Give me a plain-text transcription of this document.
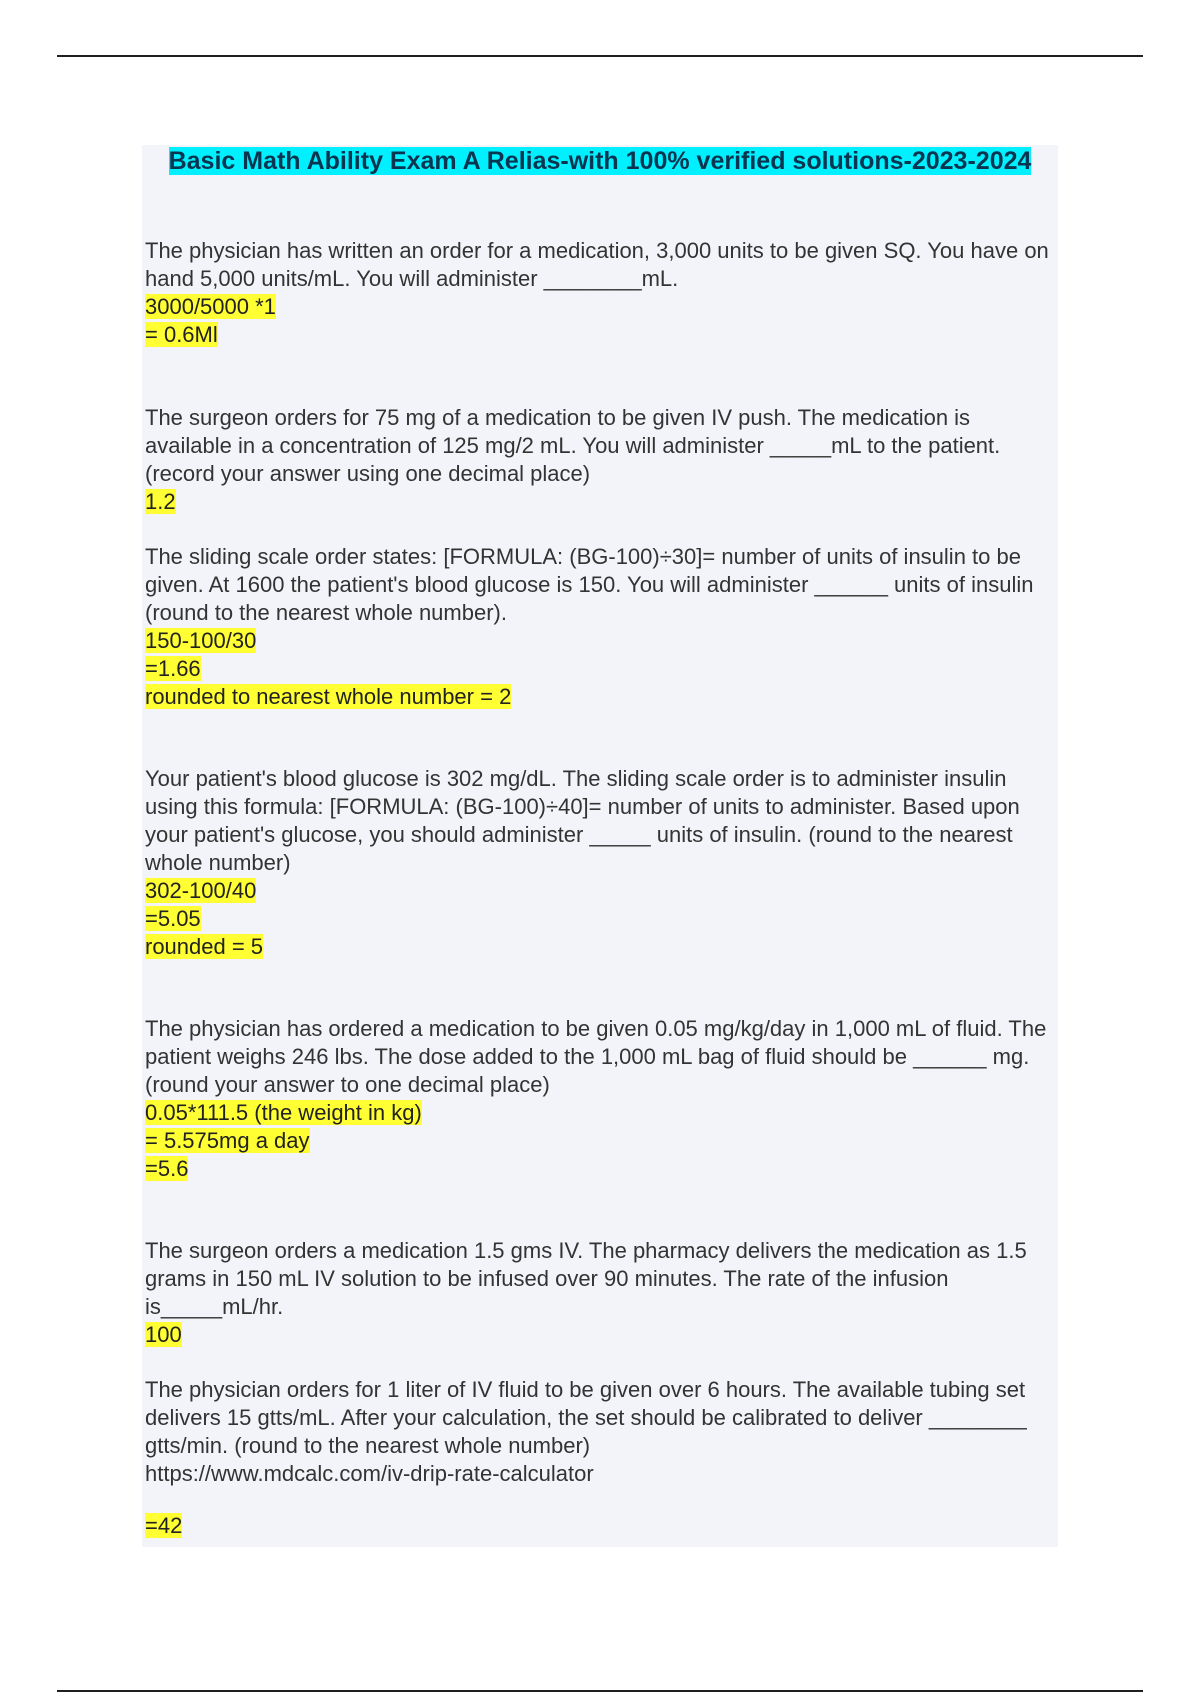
Basic Math Ability Exam A Relias-with 100% verified solutions-2023-2024

The physician has written an order for a medication, 3,000 units to be given SQ. You have on hand 5,000 units/mL. You will administer ________mL.

3000/5000 *1
= 0.6Ml

The surgeon orders for 75 mg of a medication to be given IV push. The medication is available in a concentration of 125 mg/2 mL. You will administer _____mL to the patient. (record your answer using one decimal place)

1.2

The sliding scale order states: [FORMULA: (BG-100)÷30]= number of units of insulin to be given. At 1600 the patient's blood glucose is 150. You will administer ______ units of insulin (round to the nearest whole number).

150-100/30
=1.66
rounded to nearest whole number = 2

Your patient's blood glucose is 302 mg/dL. The sliding scale order is to administer insulin using this formula: [FORMULA: (BG-100)÷40]= number of units to administer. Based upon your patient's glucose, you should administer _____ units of insulin. (round to the nearest whole number)

302-100/40
=5.05
rounded = 5

The physician has ordered a medication to be given 0.05 mg/kg/day in 1,000 mL of fluid. The patient weighs 246 lbs. The dose added to the 1,000 mL bag of fluid should be ______ mg. (round your answer to one decimal place)

0.05*111.5 (the weight in kg)
= 5.575mg a day
=5.6

The surgeon orders a medication 1.5 gms IV. The pharmacy delivers the medication as 1.5 grams in 150 mL IV solution to be infused over 90 minutes. The rate of the infusion is_____mL/hr.

100

The physician orders for 1 liter of IV fluid to be given over 6 hours. The available tubing set delivers 15 gtts/mL. After your calculation, the set should be calibrated to deliver ________ gtts/min. (round to the nearest whole number)

https://www.mdcalc.com/iv-drip-rate-calculator

=42
